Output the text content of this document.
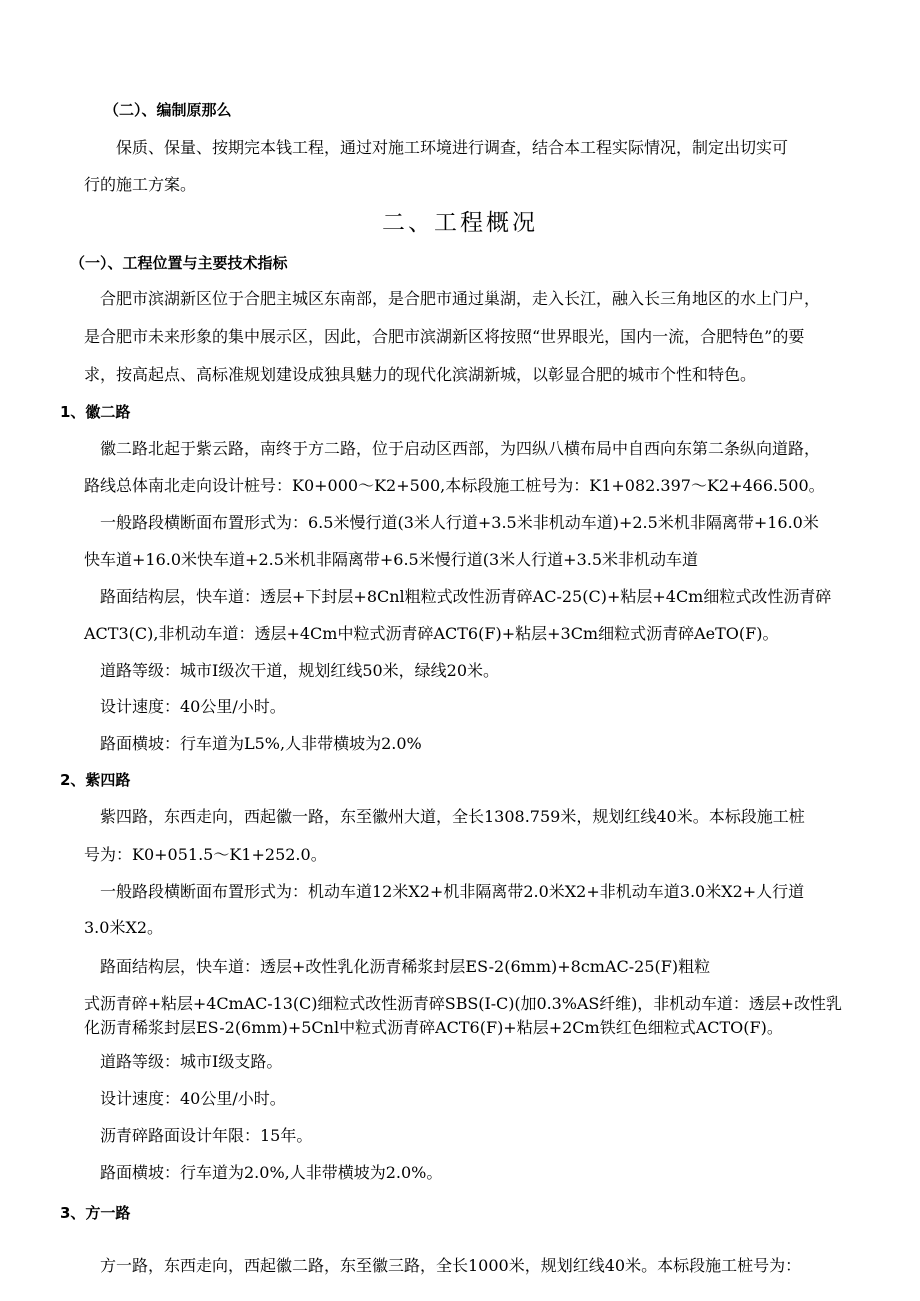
（二）、编制原那么

保质、保量、按期完本钱工程，通过对施工环境进行调查，结合本工程实际情况，制定出切实可

行的施工方案。

二、工程概况
（一）、工程位置与主要技术指标

合肥市滨湖新区位于合肥主城区东南部，是合肥市通过巢湖，走入长江，融入长三角地区的水上门户，

是合肥市未来形象的集中展示区，因此，合肥市滨湖新区将按照“世界眼光，国内一流，合肥特色”的要

求，按高起点、高标准规划建设成独具魅力的现代化滨湖新城，以彰显合肥的城市个性和特色。

1、徽二路

徽二路北起于紫云路，南终于方二路，位于启动区西部，为四纵八横布局中自西向东第二条纵向道路，

路线总体南北走向设计桩号：K0+000～K2+500,本标段施工桩号为：K1+082.397～K2+466.500。

一般路段横断面布置形式为：6.5米慢行道(3米人行道+3.5米非机动车道)+2.5米机非隔离带+16.0米

快车道+16.0米快车道+2.5米机非隔离带+6.5米慢行道(3米人行道+3.5米非机动车道

路面结构层，快车道：透层+下封层+8Cnl粗粒式改性沥青碎AC-25(C)+粘层+4Cm细粒式改性沥青碎

ACT3(C),非机动车道：透层+4Cm中粒式沥青碎ACT6(F)+粘层+3Cm细粒式沥青碎AeTO(F)。

道路等级：城市I级次干道，规划红线50米，绿线20米。

设计速度：40公里/小时。

路面横坡：行车道为L5%,人非带横坡为2.0%

2、紫四路

紫四路，东西走向，西起徽一路，东至徽州大道，全长1308.759米，规划红线40米。本标段施工桩

号为：K0+051.5～K1+252.0。

一般路段横断面布置形式为：机动车道12米X2+机非隔离带2.0米X2+非机动车道3.0米X2+人行道

3.0米X2。

路面结构层，快车道：透层+改性乳化沥青稀浆封层ES-2(6mm)+8cmAC-25(F)粗粒

式沥青碎+粘层+4CmAC-13(C)细粒式改性沥青碎SBS(I-C)(加0.3%AS纤维)，非机动车道：透层+改性乳

化沥青稀浆封层ES-2(6mm)+5Cnl中粒式沥青碎ACT6(F)+粘层+2Cm铁红色细粒式ACTO(F)。

道路等级：城市I级支路。

设计速度：40公里/小时。

沥青碎路面设计年限：15年。

路面横坡：行车道为2.0%,人非带横坡为2.0%。

3、方一路

方一路，东西走向，西起徽二路，东至徽三路，全长1000米，规划红线40米。本标段施工桩号为：
